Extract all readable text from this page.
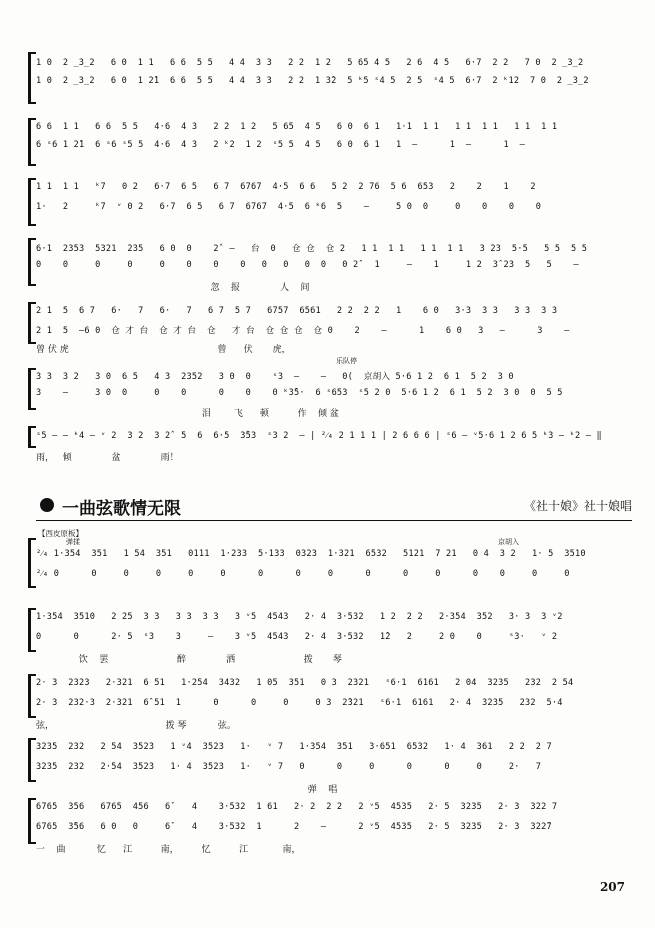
1 0  2 ̲3̲2   6 0  1 1   6 6  5 5   4 4  3 3   2 2  1 2   5 65 4 5   2 6  4 5   6·7  2 2   7 0  2 ̲3̲2
1 0  2 ̲3̲2   6 0  1 2̂1  6 6  5 5   4 4  3 3   2 2  1 3̂2  5 ᵏ5 ˢ4 5  2 5  ˢ4 5  6·7  2 ᵏ12  7 0  2 ̲3̲2
6 6  1 1   6 6  5 5   4·6  4 3   2 2  1 2   5 65  4 5   6 0  6 1   1·1  1 1   1 1  1 1   1 1  1 1
6 ˢ6 1 2̂1  6 ˢ6 ˢ5 5  4·6  4 3   2 ᵏ2  1 2  ˢ5 5  4 5   6 0  6 1   1  ‒      1  ‒      1  ‒
1 1  1 1   ᵏ7   0 2   6·7  6 5   6 7  6767  4·5  6 6   5 2  2 76  5 6  653   2    2    1    2
1·   2     ᵏ7  ᵛ 0 2   6·7  6 5   6 7  6767  4·5  6 ᵏ6  5    ‒     5 0  0     0    0    0    0
6·1  2353  5321  235   6 0  0    2̂  ‒   台  0   仓 仓  仓 2   1 1  1 1   1 1  1 1   3 23  5·5   5 5  5 5
0    0     0     0     0    0    0    0   0   0   0  0   0 2̂   1     ‒    1     1 2  3̂ 23  5   5    ‒
忽    报              人    间
2 1  5  6 7   6·   7   6·   7   6 7  5 7   6757  6561   2 2  2 2   1    6 0   3·3  3 3   3 3  3 3
2 1  5  ‒6 0  仓 才 台  仓 才 台  仓   才 台  仓 仓 仓  仓 0    2    ‒      1    6 0   3   ‒      3    ‒
曾 伏 虎                                                    曾      伏       虎，
乐队停
3 3  3 2   3 0  6 5   4 3  2352   3 0  0    ˢ3  ‒    ‒   0(  京胡入 5·6 1 2  6 1  5 2  3 0
3    ‒     3 0  0     0    0      0    0    0 ᵏ3̂5·  6 ˢ653  ˢ5 2 0  5·6 1 2  6 1  5 2  3 0  0  5 5
泪        飞      顿          作    倾 盆
ˢ5 ‒ ‒ ᵏ4 ‒ ᵛ 2  3 2  3 2̂  5  6  6·5  3̂53  ˢ3 2  ‒ | ²⁄₄ 2 1 1 1 | 2 6 6 6 | ˢ6 ‒ ᵛ5·6 1 2 6 5 ᵏ3 ‒ ᵏ2 ‒ ‖
雨，   倾              盆              雨！
一曲弦歌情无限	《社十娘》社十娘唱
【西皮原板】
弹揉	京胡入
²⁄₄ 1·354  351   1 54  351   0111  1·233  5·133  0323  1·321  6532   5121  7 21   0 4  3 2   1· 5  3510
²⁄₄ 0      0     0     0     0     0      0      0     0      0      0     0      0    0     0     0
1·354  3510   2 25  3 3   3 3  3 3   3 ᵛ5  4543   2· 4  3·532   1 2  2 2   2·354  352   3· 3  3 ᵛ2
0      0      2· 5  ˢ3    3     ‒    3 ᵛ5  4543   2· 4  3·532   1̂2   2     2 0    0     ˢ3·   ᵛ 2
饮    罢                        醉              洒                        拨       琴
2· 3  2323   2·321  6 51   1·254  3432   1 05  351   0 3  2321   ˢ6·1  6161   2 04  3235   232  2 54
2· 3  232·3  2·321  6̂ 51  1      0      0     0     0 3  2̂321   ˢ6·1  6161   2· 4  3235   232  5·4
弦，                                       拨 琴           弦。
3235  232   2 54  3523   1 ᵛ4  3523   1·   ᵛ 7   1·354  351   3·651  6532   1· 4  361   2 2  2 7
3235  232   2·54  3523   1· 4  3523   1·   ᵛ 7   0      0     0      0      0     0     2·   7
弹    唱
6765  356   6765  456   6̌    4    3·532  1 61   2· 2  2 2   2 ᵛ5  4535   2· 5  3235   2· 3  322 7
6765  3̂56   6 0   0     6̌    4    3·532  1      2    ‒      2 ᵛ5  4535   2· 5  3235   2· 3  322̂7
一    曲           忆      江          南，        忆          江            南，
207
